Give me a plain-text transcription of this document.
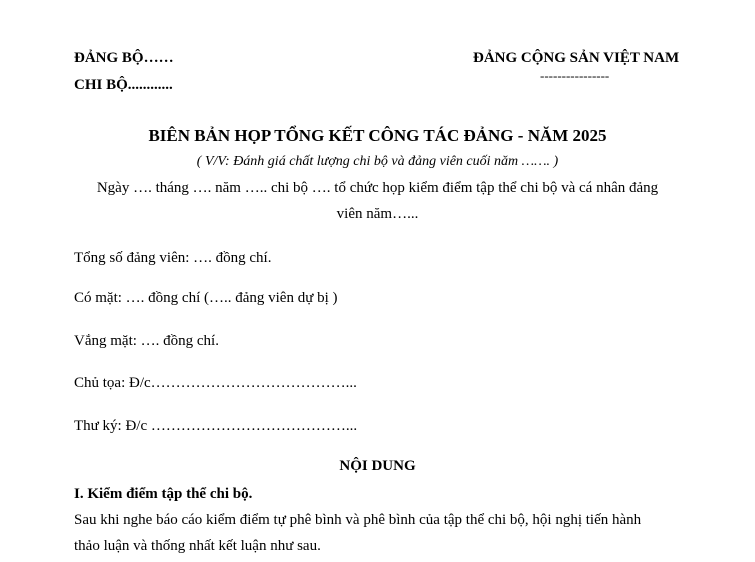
ĐẢNG BỘ……
CHI BỘ............
ĐẢNG CỘNG SẢN VIỆT NAM
----------------
BIÊN BẢN HỌP TỔNG KẾT CÔNG TÁC ĐẢNG - NĂM 2025
( V/V: Đánh giá chất lượng chi bộ và đảng viên cuối năm ……. )
Ngày …. tháng …. năm ….. chi bộ …. tổ chức họp kiểm điểm tập thể chi bộ và cá nhân đảng
viên năm…...
Tổng số đảng viên: …. đồng chí.
Có mặt: …. đồng chí (….. đảng viên dự bị )
Vắng mặt: …. đồng chí.
Chủ tọa: Đ/c…………………………………...
Thư ký: Đ/c …………………………………...
NỘI DUNG
I. Kiểm điểm tập thể chi bộ.
Sau khi nghe báo cáo kiểm điểm tự phê bình và phê bình của tập thể chi bộ, hội nghị tiến hành
thảo luận và thống nhất kết luận như sau.
